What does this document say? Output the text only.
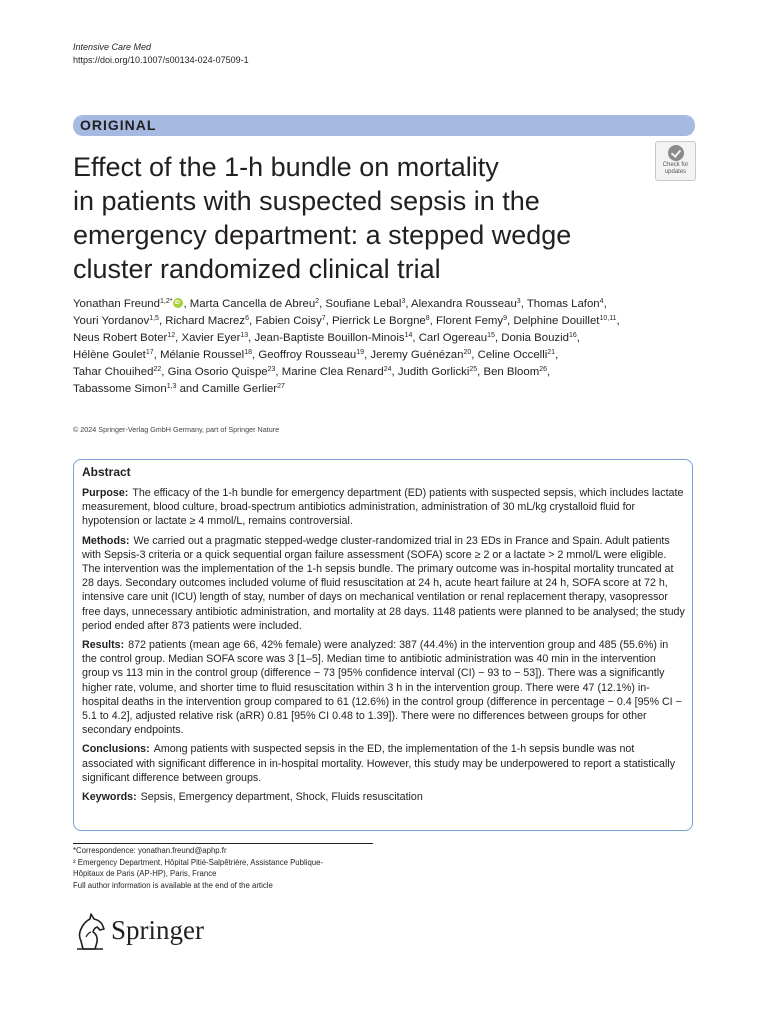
Intensive Care Med
https://doi.org/10.1007/s00134-024-07509-1
ORIGINAL
Effect of the 1-h bundle on mortality
in patients with suspected sepsis in the
emergency department: a stepped wedge
cluster randomized clinical trial
Check for updates
Yonathan Freund$^{1,2*}$iD , Marta Cancella de Abreu$^2$, Soufiane Lebal$^3$, Alexandra Rousseau$^3$, Thomas Lafon$^4$,
Youri Yordanov$^{1,5}$, Richard Macrez$^6$, Fabien Coisy$^7$, Pierrick Le Borgne$^8$, Florent Femy$^9$, Delphine Douillet$^{10,11}$,
Neus Robert Boter$^{12}$, Xavier Eyer$^{13}$, Jean-Baptiste Bouillon-Minois$^{14}$, Carl Ogereau$^{15}$, Donia Bouzid$^{16}$,
Hélène Goulet$^{17}$, Mélanie Roussel$^{18}$, Geoffroy Rousseau$^{19}$, Jeremy Guénézan$^{20}$, Celine Occelli$^{21}$,
Tahar Chouihed$^{22}$, Gina Osorio Quispe$^{23}$, Marine Clea Renard$^{24}$, Judith Gorlicki$^{25}$, Ben Bloom$^{26}$,
Tabassome Simon$^{1,3}$ and Camille Gerlier$^{27}$
© 2024 Springer-Verlag GmbH Germany, part of Springer Nature
Abstract

Purpose: The efficacy of the 1-h bundle for emergency department (ED) patients with suspected sepsis, which includes lactate measurement, blood culture, broad-spectrum antibiotics administration, administration of 30 mL/kg crystalloid fluid for hypotension or lactate ≥ 4 mmol/L, remains controversial.

Methods: We carried out a pragmatic stepped-wedge cluster-randomized trial in 23 EDs in France and Spain. Adult patients with Sepsis-3 criteria or a quick sequential organ failure assessment (SOFA) score ≥ 2 or a lactate > 2 mmol/L were eligible. The intervention was the implementation of the 1-h sepsis bundle. The primary outcome was in-hospital mortality truncated at 28 days. Secondary outcomes included volume of fluid resuscitation at 24 h, acute heart failure at 24 h, SOFA score at 72 h, intensive care unit (ICU) length of stay, number of days on mechanical ventilation or renal replacement therapy, vasopressor free days, unnecessary antibiotic administration, and mortality at 28 days. 1148 patients were planned to be analysed; the study period ended after 873 patients were included.

Results: 872 patients (mean age 66, 42% female) were analyzed: 387 (44.4%) in the intervention group and 485 (55.6%) in the control group. Median SOFA score was 3 [1–5]. Median time to antibiotic administration was 40 min in the intervention group vs 113 min in the control group (difference − 73 [95% confidence interval (CI) − 93 to − 53]). There was a significantly higher rate, volume, and shorter time to fluid resuscitation within 3 h in the intervention group. There were 47 (12.1%) in-hospital deaths in the intervention group compared to 61 (12.6%) in the control group (difference in percentage − 0.4 [95% CI − 5.1 to 4.2], adjusted relative risk (aRR) 0.81 [95% CI 0.48 to 1.39]). There were no differences between groups for other secondary endpoints.

Conclusions: Among patients with suspected sepsis in the ED, the implementation of the 1-h sepsis bundle was not associated with significant difference in in-hospital mortality. However, this study may be underpowered to report a statistically significant difference between groups.

Keywords: Sepsis, Emergency department, Shock, Fluids resuscitation

*Correspondence: yonathan.freund@aphp.fr
² Emergency Department, Hôpital Pitié-Salpêtrière, Assistance Publique-
Hôpitaux de Paris (AP-HP), Paris, France
Full author information is available at the end of the article
Springer
